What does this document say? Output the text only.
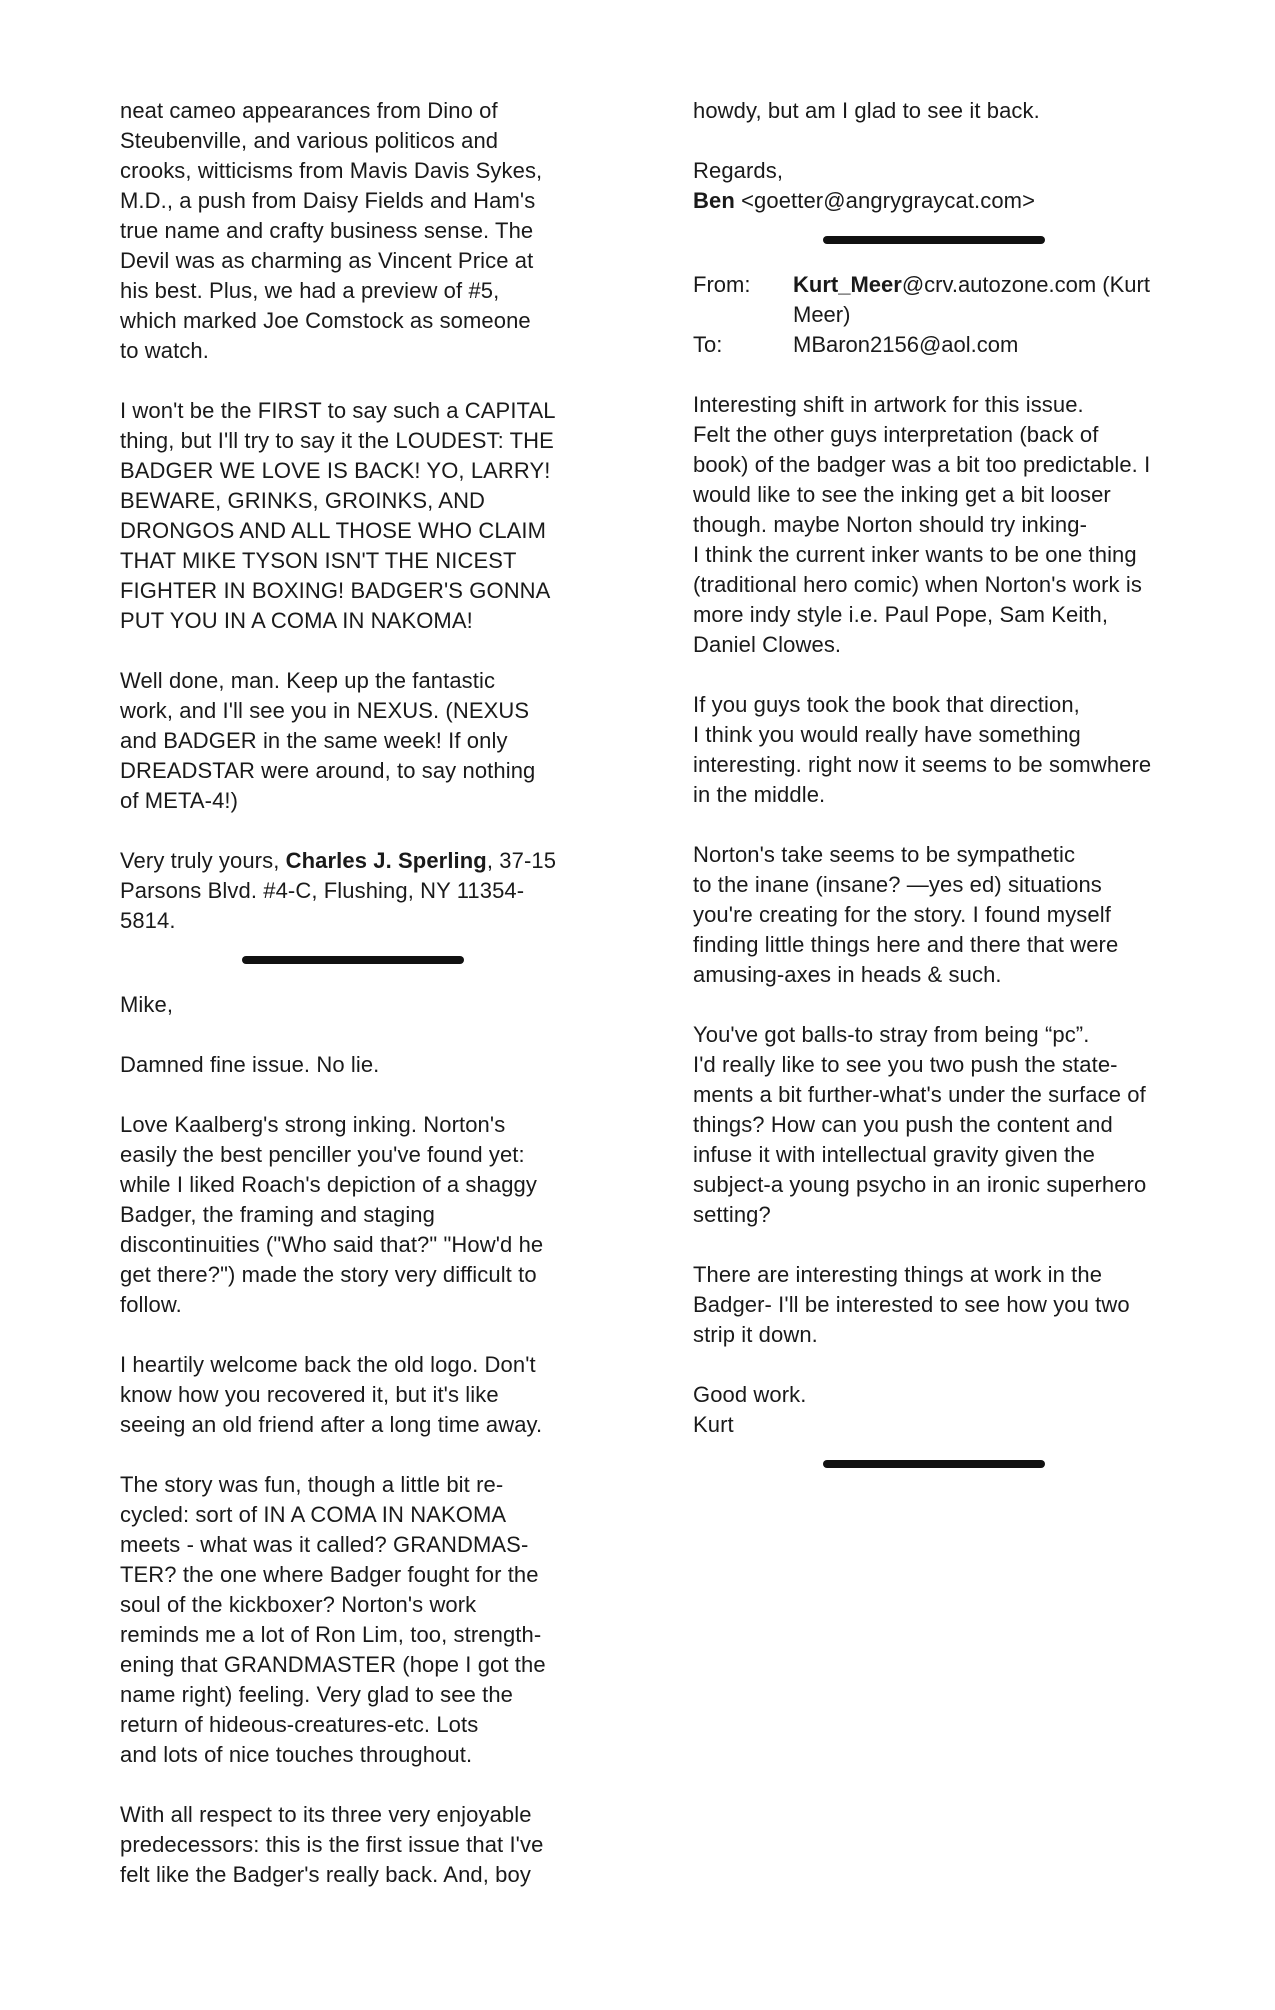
neat cameo appearances from Dino of
Steubenville, and various politicos and
crooks, witticisms from Mavis Davis Sykes,
M.D., a push from Daisy Fields and Ham's
true name and crafty business sense. The
Devil was as charming as Vincent Price at
his best. Plus, we had a preview of #5,
which marked Joe Comstock as someone
to watch.

I won't be the FIRST to say such a CAPITAL
thing, but I'll try to say it the LOUDEST: THE
BADGER WE LOVE IS BACK! YO, LARRY!
BEWARE, GRINKS, GROINKS, AND
DRONGOS AND ALL THOSE WHO CLAIM
THAT MIKE TYSON ISN'T THE NICEST
FIGHTER IN BOXING! BADGER'S GONNA
PUT YOU IN A COMA IN NAKOMA!

Well done, man. Keep up the fantastic
work, and I'll see you in NEXUS. (NEXUS
and BADGER in the same week! If only
DREADSTAR were around, to say nothing
of META-4!)

Very truly yours, Charles J. Sperling, 37-15
Parsons Blvd. #4-C, Flushing, NY 11354-
5814.

Mike,

Damned fine issue. No lie.

Love Kaalberg's strong inking. Norton's
easily the best penciller you've found yet:
while I liked Roach's depiction of a shaggy
Badger, the framing and staging
discontinuities ("Who said that?" "How'd he
get there?") made the story very difficult to
follow.

I heartily welcome back the old logo. Don't
know how you recovered it, but it's like
seeing an old friend after a long time away.

The story was fun, though a little bit re-
cycled: sort of IN A COMA IN NAKOMA
meets - what was it called? GRANDMAS-
TER? the one where Badger fought for the
soul of the kickboxer? Norton's work
reminds me a lot of Ron Lim, too, strength-
ening that GRANDMASTER (hope I got the
name right) feeling. Very glad to see the
return of hideous-creatures-etc. Lots
and lots of nice touches throughout.

With all respect to its three very enjoyable
predecessors: this is the first issue that I've
felt like the Badger's really back. And, boy

howdy, but am I glad to see it back.

Regards,

Ben <goetter@angrygraycat.com>

From:	Kurt_Meer@crv.autozone.com (Kurt
Meer)
To:	MBaron2156@aol.com

Interesting shift in artwork for this issue.
Felt the other guys interpretation (back of
book) of the badger was a bit too predictable. I
would like to see the inking get a bit looser
though. maybe Norton should try inking-
I think the current inker wants to be one thing
(traditional hero comic) when Norton's work is
more indy style i.e. Paul Pope, Sam Keith,
Daniel Clowes.

If you guys took the book that direction,
I think you would really have something
interesting. right now it seems to be somwhere
in the middle.

Norton's take seems to be sympathetic
to the inane (insane? —yes ed) situations
you're creating for the story. I found myself
finding little things here and there that were
amusing-axes in heads & such.

You've got balls-to stray from being “pc”.
I'd really like to see you two push the state-
ments a bit further-what's under the surface of
things? How can you push the content and
infuse it with intellectual gravity given the
subject-a young psycho in an ironic superhero
setting?

There are interesting things at work in the
Badger- I'll be interested to see how you two
strip it down.

Good work.
Kurt
